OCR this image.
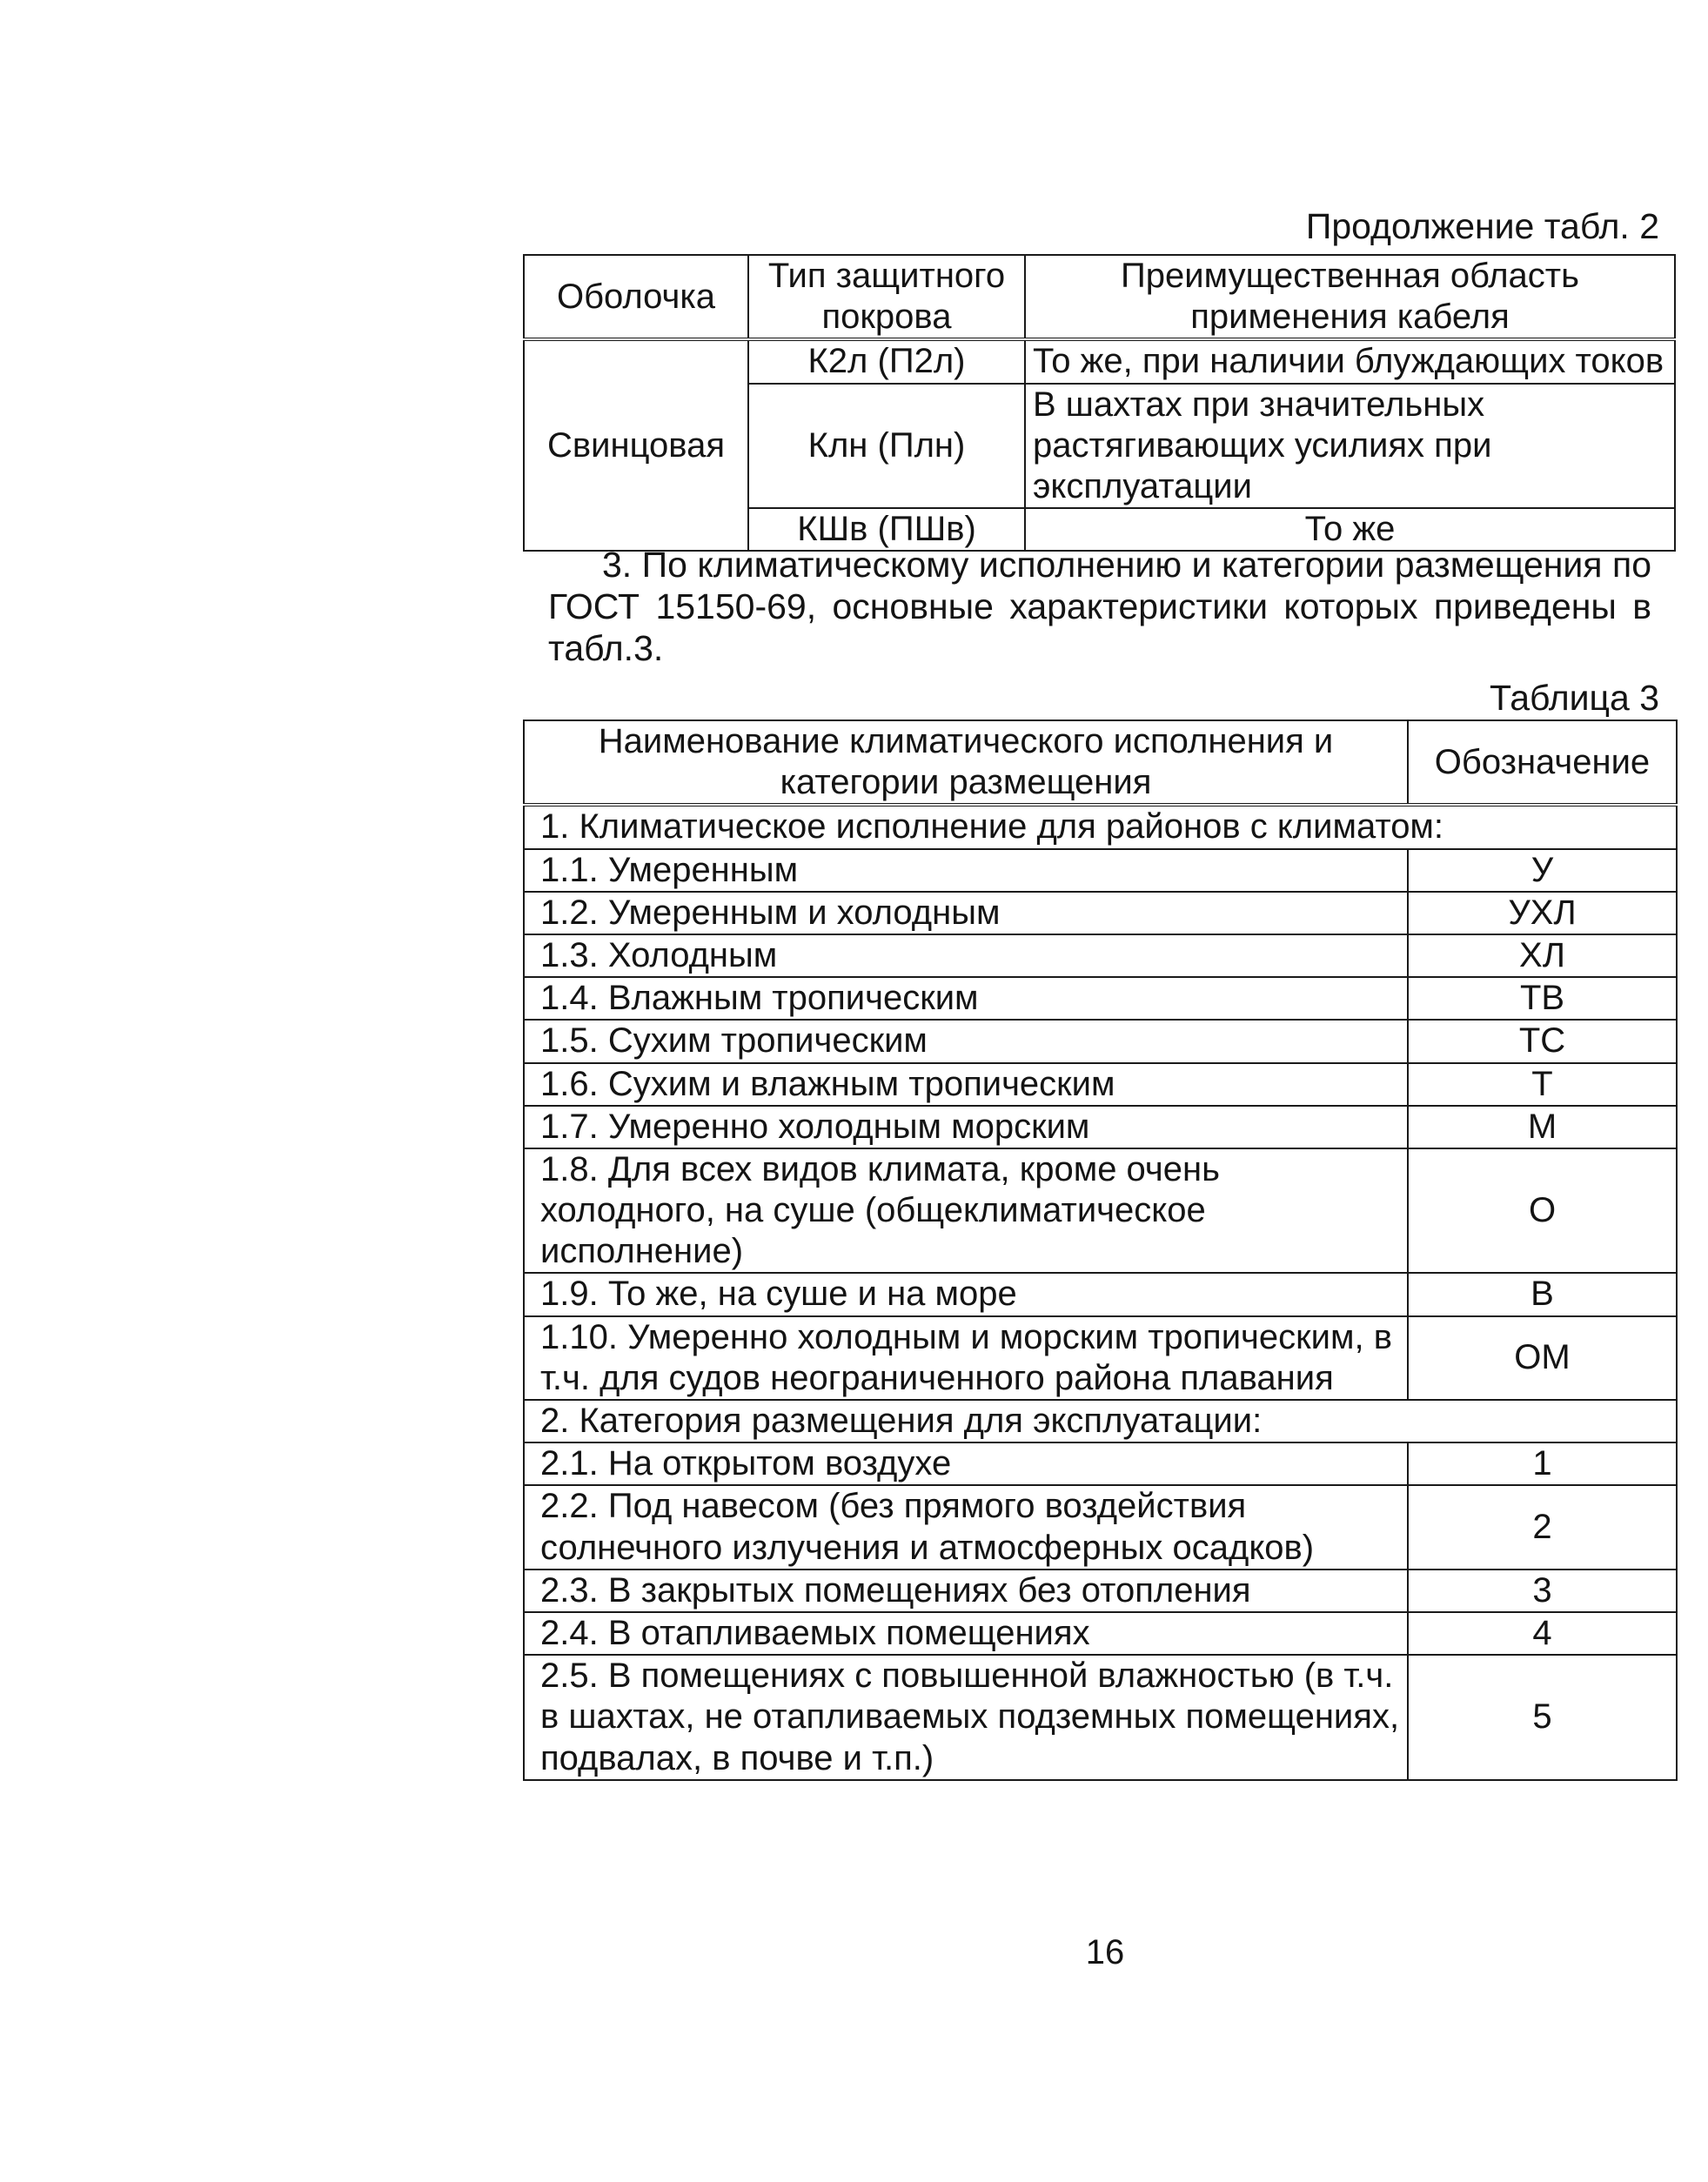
Продолжение табл. 2
Оболочка	Тип защитного покрова	Преимущественная область применения кабеля
Свинцовая	К2л (П2л)	То же, при наличии блуждающих токов
	Клн (Плн)	В шахтах при значительных растягивающих усилиях при эксплуатации
	КШв (ПШв)	То же

3. По климатическому исполнению и категории размещения по ГОСТ 15150-69, основные характеристики которых приведены в табл.3.

Таблица 3
Наименование климатического исполнения и категории размещения	Обозначение
1. Климатическое исполнение для районов с климатом:	
1.1. Умеренным	У
1.2. Умеренным и холодным	УХЛ
1.3. Холодным	ХЛ
1.4. Влажным тропическим	ТВ
1.5. Сухим тропическим	ТС
1.6. Сухим и влажным тропическим	Т
1.7. Умеренно холодным морским	М
1.8. Для всех видов климата, кроме очень холодного, на суше (общеклиматическое исполнение)	О
1.9. То же, на суше и на море	В
1.10. Умеренно холодным и морским тропическим, в т.ч. для судов неограниченного района плавания	ОМ
2. Категория размещения для эксплуатации:	
2.1. На открытом воздухе	1
2.2. Под навесом (без прямого воздействия солнечного излучения и атмосферных осадков)	2
2.3. В закрытых помещениях без отопления	3
2.4. В отапливаемых помещениях	4
2.5. В помещениях с повышенной влажностью (в т.ч. в шахтах, не отапливаемых подземных помещениях, подвалах, в почве и т.п.)	5
16
